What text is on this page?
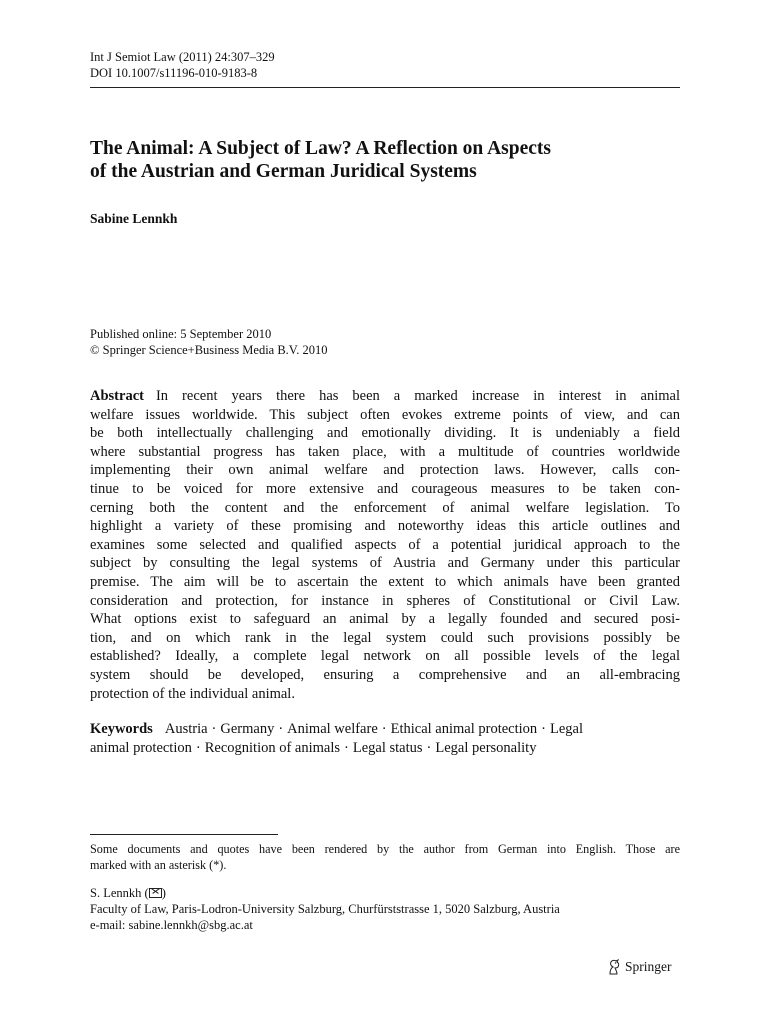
Int J Semiot Law (2011) 24:307–329
DOI 10.1007/s11196-010-9183-8
The Animal: A Subject of Law? A Reflection on Aspects
of the Austrian and German Juridical Systems
Sabine Lennkh
Published online: 5 September 2010
© Springer Science+Business Media B.V. 2010
Abstract In recent years there has been a marked increase in interest in animal
welfare issues worldwide. This subject often evokes extreme points of view, and can
be both intellectually challenging and emotionally dividing. It is undeniably a field
where substantial progress has taken place, with a multitude of countries worldwide
implementing their own animal welfare and protection laws. However, calls con-
tinue to be voiced for more extensive and courageous measures to be taken con-
cerning both the content and the enforcement of animal welfare legislation. To
highlight a variety of these promising and noteworthy ideas this article outlines and
examines some selected and qualified aspects of a potential juridical approach to the
subject by consulting the legal systems of Austria and Germany under this particular
premise. The aim will be to ascertain the extent to which animals have been granted
consideration and protection, for instance in spheres of Constitutional or Civil Law.
What options exist to safeguard an animal by a legally founded and secured posi-
tion, and on which rank in the legal system could such provisions possibly be
established? Ideally, a complete legal network on all possible levels of the legal
system should be developed, ensuring a comprehensive and an all-embracing
protection of the individual animal.
Keywords Austria · Germany · Animal welfare · Ethical animal protection · Legal
animal protection · Recognition of animals · Legal status · Legal personality
Some documents and quotes have been rendered by the author from German into English. Those are
marked with an asterisk (*).
S. Lennkh ( )
Faculty of Law, Paris-Lodron-University Salzburg, Churfürststrasse 1, 5020 Salzburg, Austria
e-mail: sabine.lennkh@sbg.ac.at
Springer
